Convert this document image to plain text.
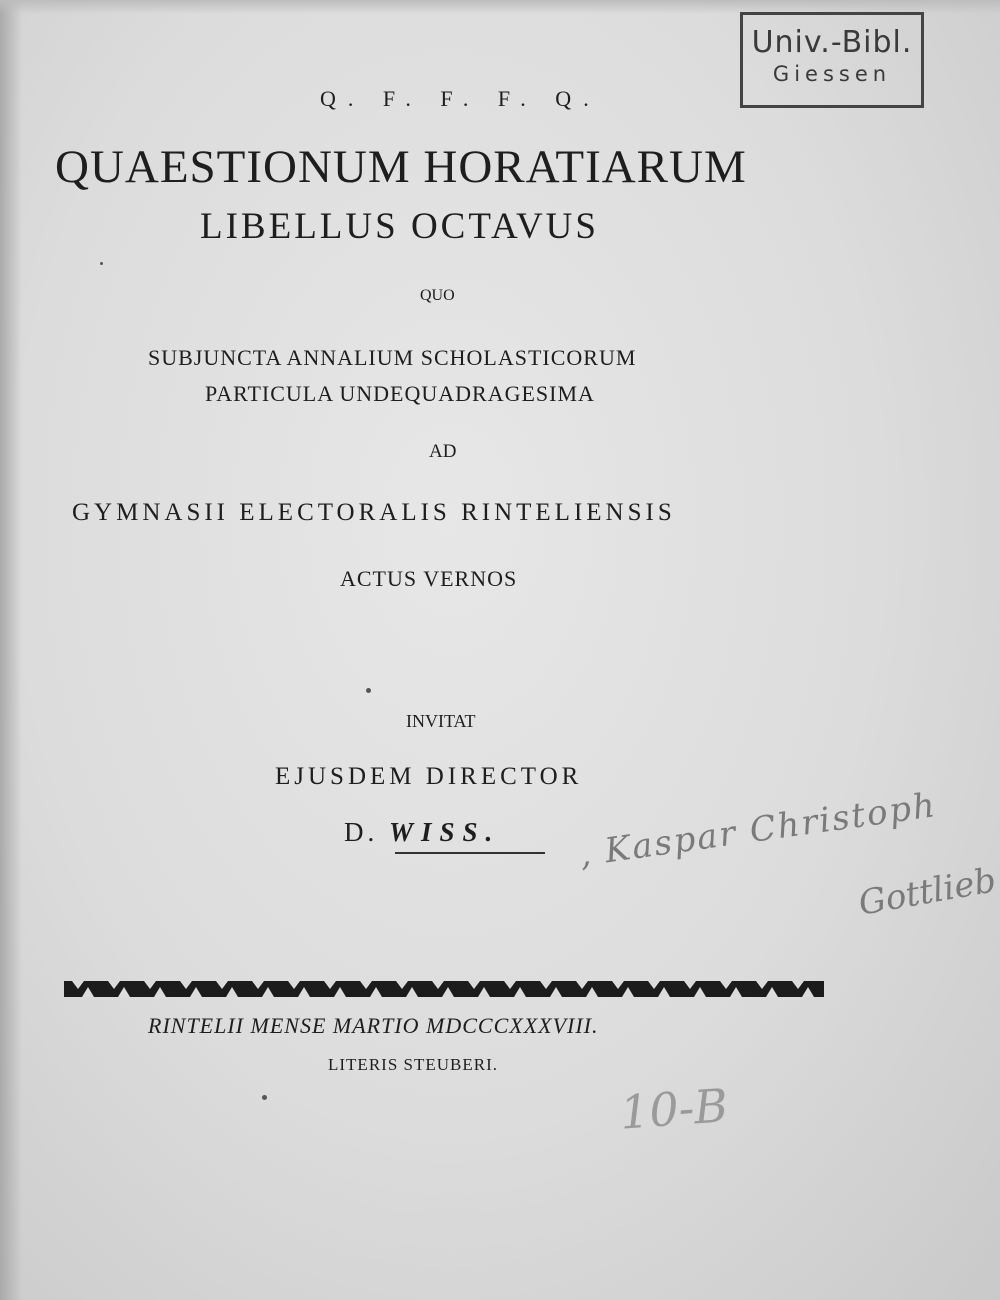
Univ.-Bibl.
Giessen
Q. F. F. F. Q.
QUAESTIONUM HORATIARUM
LIBELLUS OCTAVUS
QUO
SUBJUNCTA ANNALIUM SCHOLASTICORUM
PARTICULA UNDEQUADRAGESIMA
AD
GYMNASII ELECTORALIS RINTELIENSIS
ACTUS VERNOS
INVITAT
EJUSDEM DIRECTOR
D. WISS. , Kaspar Christoph
Gottlieb
RINTELII MENSE MARTIO MDCCCXXXVIII.
LITERIS STEUBERI.
10-B
